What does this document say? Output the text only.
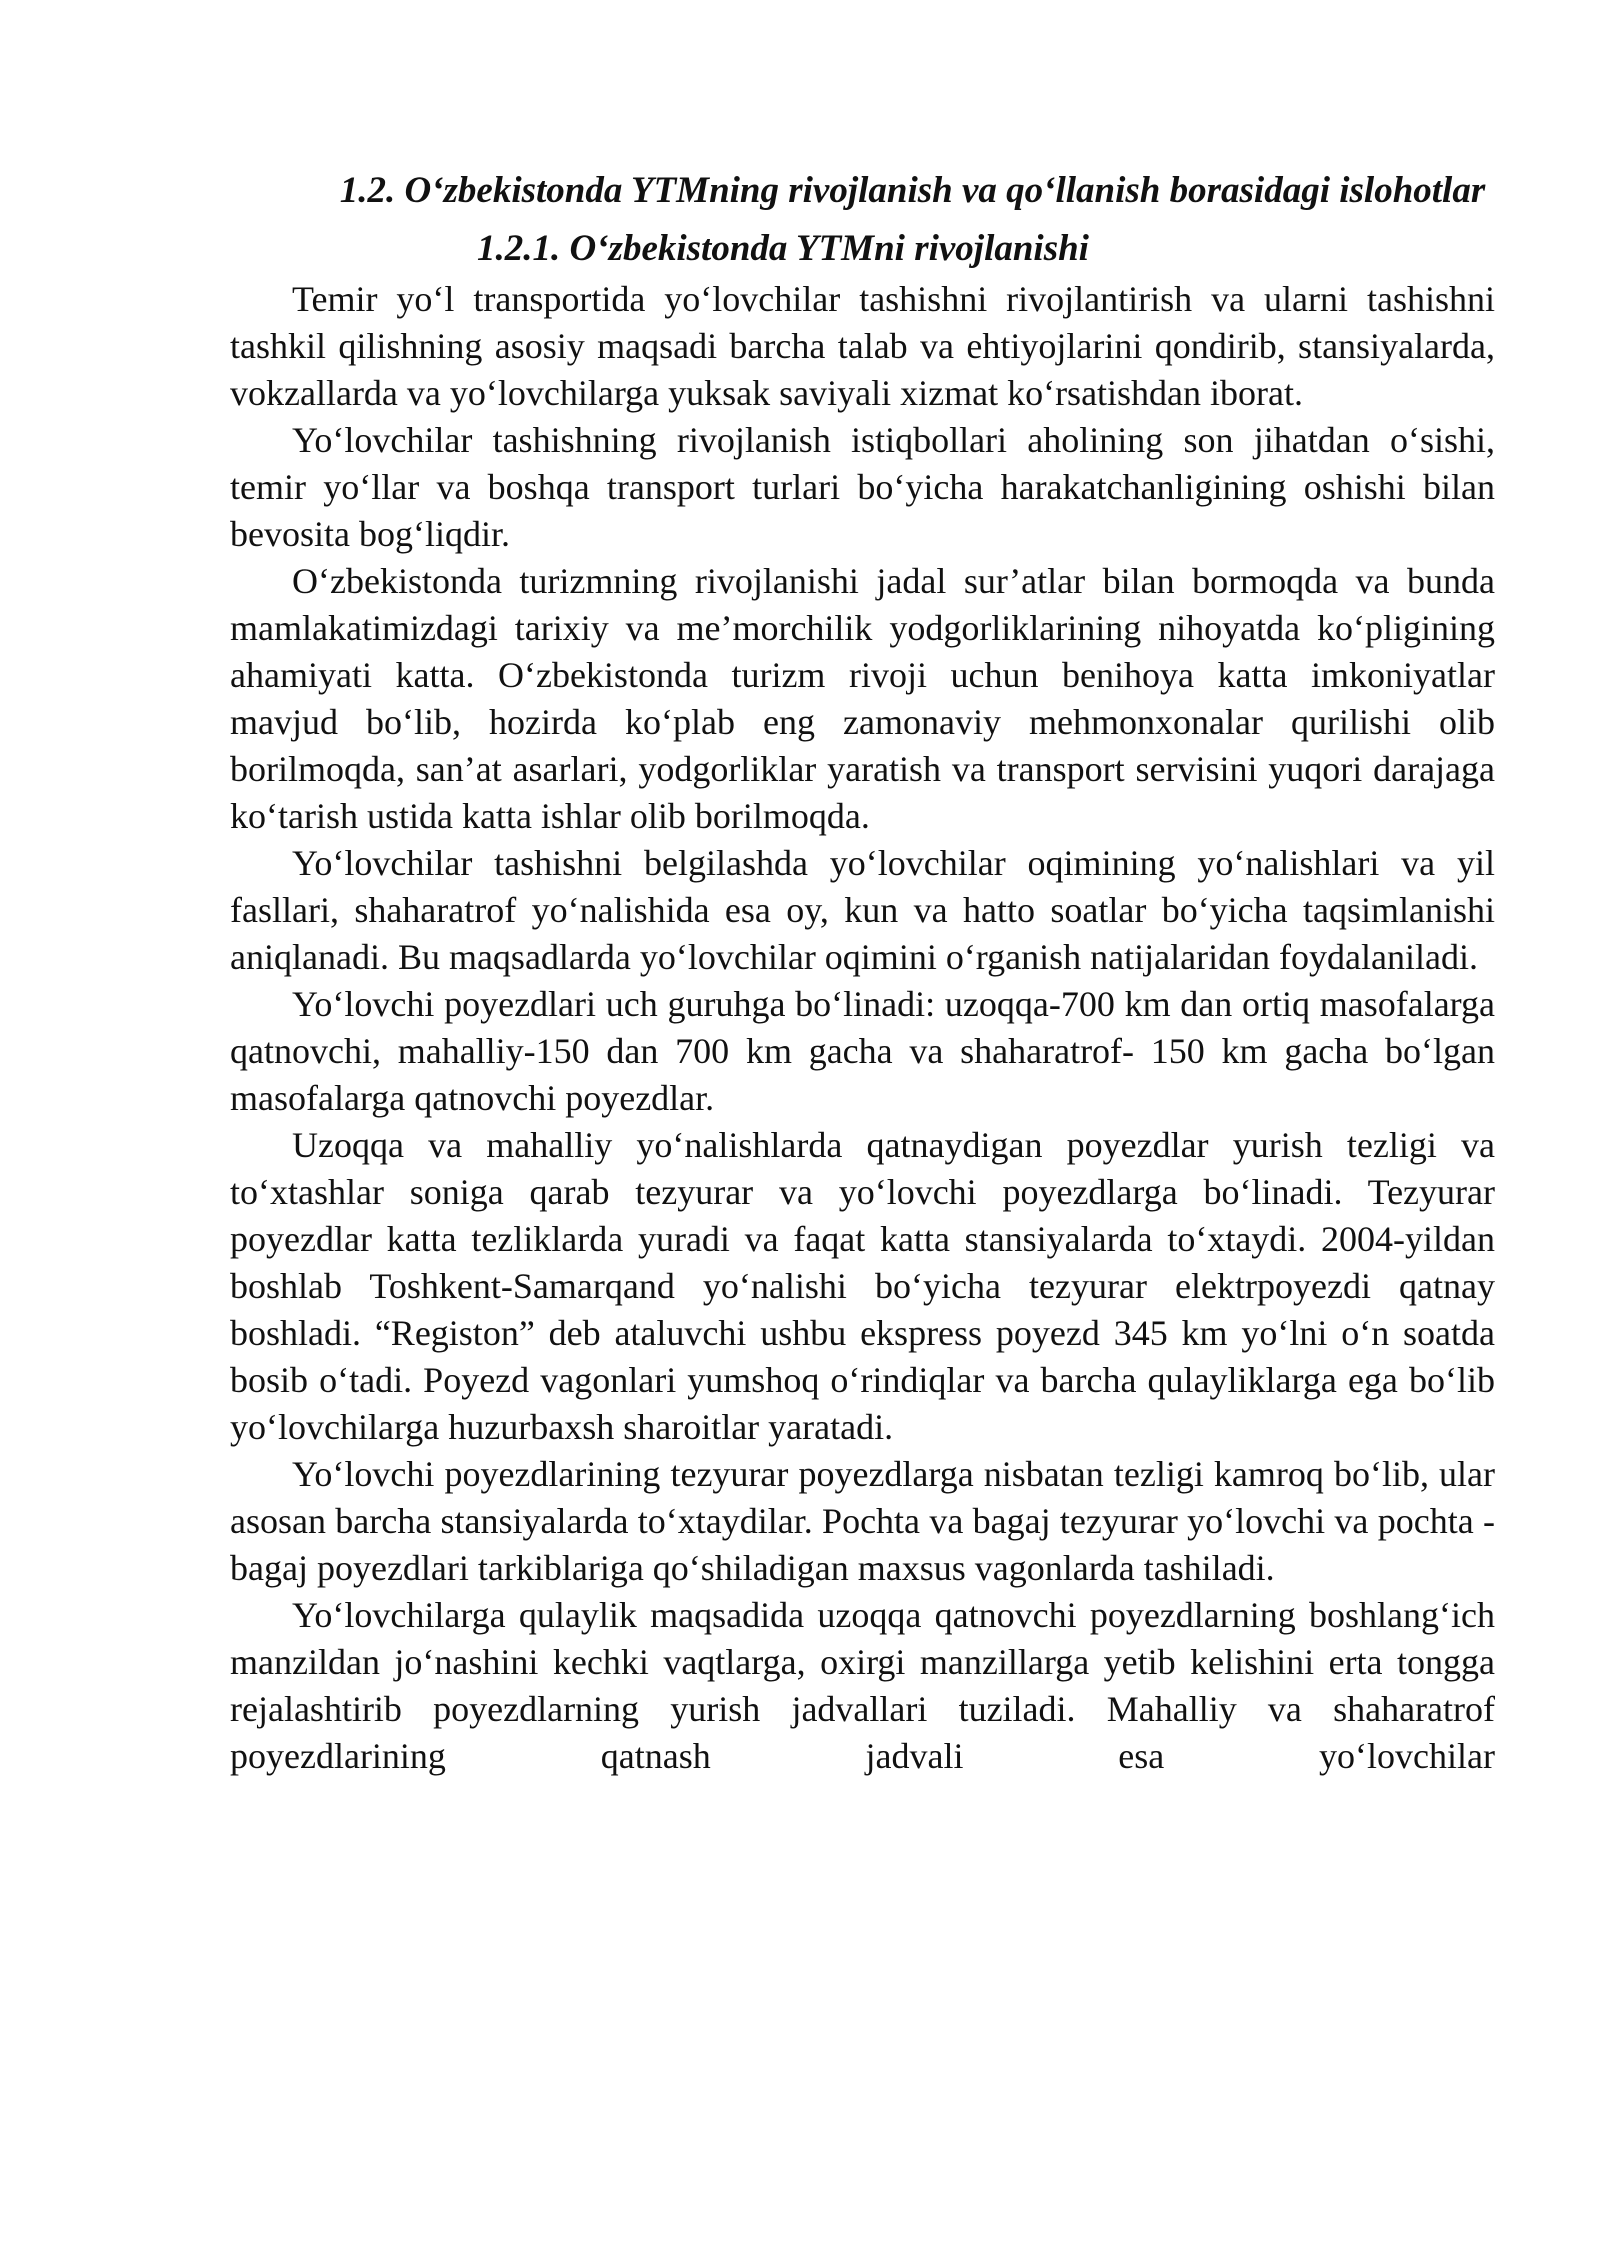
1.2. O‘zbekistonda YTMning rivojlanish va qo‘llanish borasidagi islohotlar
1.2.1. O‘zbekistonda YTMni rivojlanishi

Temir yo‘l transportida yo‘lovchilar tashishni rivojlantirish va ularni tashishni tashkil qilishning asosiy maqsadi barcha talab va ehtiyojlarini qondirib, stansiyalarda, vokzallarda va yo‘lovchilarga yuksak saviyali xizmat ko‘rsatishdan iborat.

Yo‘lovchilar tashishning rivojlanish istiqbollari aholining son jihatdan o‘sishi, temir yo‘llar va boshqa transport turlari bo‘yicha harakatchanligining oshishi bilan bevosita bog‘liqdir.

O‘zbekistonda turizmning rivojlanishi jadal sur’atlar bilan bormoqda va bunda mamlakatimizdagi tarixiy va me’morchilik yodgorliklarining nihoyatda ko‘pligining ahamiyati katta. O‘zbekistonda turizm rivoji uchun benihoya katta imkoniyatlar mavjud bo‘lib, hozirda ko‘plab eng zamonaviy mehmonxonalar qurilishi olib borilmoqda, san’at asarlari, yodgorliklar yaratish va transport servisini yuqori darajaga ko‘tarish ustida katta ishlar olib borilmoqda.

Yo‘lovchilar tashishni belgilashda yo‘lovchilar oqimining yo‘nalishlari va yil fasllari, shaharatrof yo‘nalishida esa oy, kun va hatto soatlar bo‘yicha taqsimlanishi aniqlanadi. Bu maqsadlarda yo‘lovchilar oqimini o‘rganish natijalaridan foydalaniladi.

Yo‘lovchi poyezdlari uch guruhga bo‘linadi: uzoqqa-700 km dan ortiq masofalarga qatnovchi, mahalliy-150 dan 700 km gacha va shaharatrof- 150 km gacha bo‘lgan masofalarga qatnovchi poyezdlar.

Uzoqqa va mahalliy yo‘nalishlarda qatnaydigan poyezdlar yurish tezligi va to‘xtashlar soniga qarab tezyurar va yo‘lovchi poyezdlarga bo‘linadi. Tezyurar poyezdlar katta tezliklarda yuradi va faqat katta stansiyalarda to‘xtaydi. 2004-yildan boshlab Toshkent-Samarqand yo‘nalishi bo‘yicha tezyurar elektrpoyezdi qatnay boshladi. “Registon” deb ataluvchi ushbu ekspress poyezd 345 km yo‘lni o‘n soatda bosib o‘tadi. Poyezd vagonlari yumshoq o‘rindiqlar va barcha qulayliklarga ega bo‘lib yo‘lovchilarga huzurbaxsh sharoitlar yaratadi.

Yo‘lovchi poyezdlarining tezyurar poyezdlarga nisbatan tezligi kamroq bo‘lib, ular asosan barcha stansiyalarda to‘xtaydilar. Pochta va bagaj tezyurar yo‘lovchi va pochta - bagaj poyezdlari tarkiblariga qo‘shiladigan maxsus vagonlarda tashiladi.

Yo‘lovchilarga qulaylik maqsadida uzoqqa qatnovchi poyezdlarning boshlang‘ich manzildan jo‘nashini kechki vaqtlarga, oxirgi manzillarga yetib kelishini erta tongga rejalashtirib poyezdlarning yurish jadvallari tuziladi. Mahalliy va shaharatrof poyezdlarining qatnash jadvali esa yo‘lovchilar
